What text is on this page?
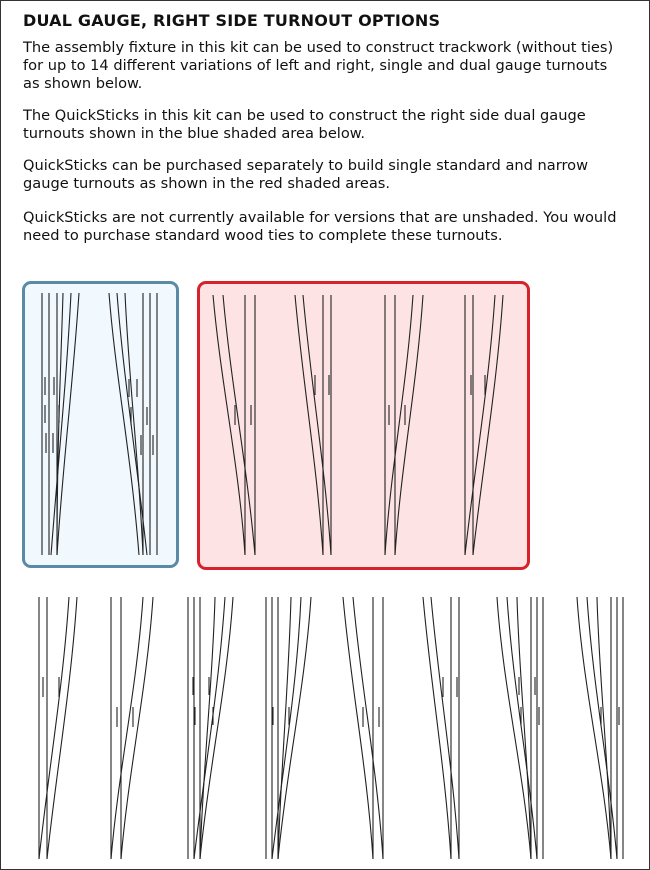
DUAL GAUGE, RIGHT SIDE TURNOUT OPTIONS
The assembly fixture in this kit can be used to construct trackwork (without ties) for up to 14 different variations of left and right, single and dual gauge turnouts as shown below.
The QuickSticks in this kit can be used to construct the right side dual gauge turnouts shown in the blue shaded area below.
QuickSticks can be purchased separately to build single standard and narrow gauge turnouts as shown in the red shaded areas.
QuickSticks are not currently available for versions that are unshaded. You would need to purchase standard wood ties to complete these turnouts.
